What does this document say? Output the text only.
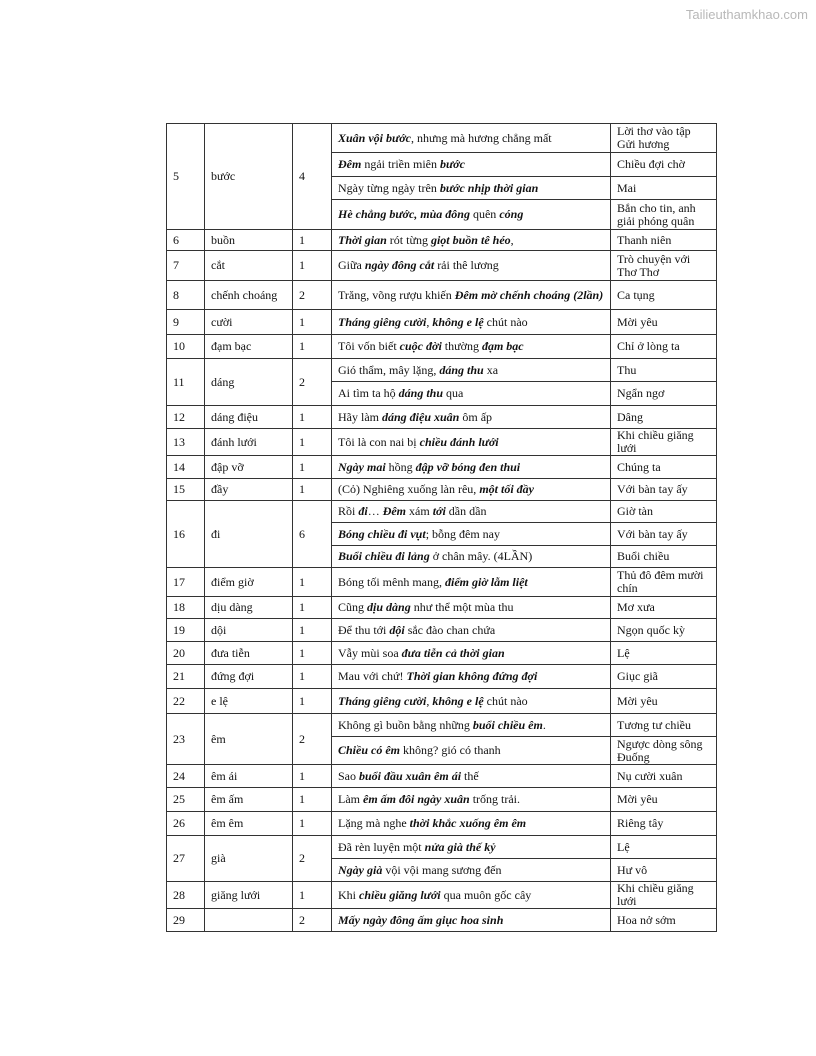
Tailieuthamkhao.com
5	bước	4	Xuân vội bước, nhưng mà hương chẳng mất	Lời thơ vào tập Gửi hương
			Đêm ngải triền miên bước	Chiều đợi chờ
			Ngày từng ngày trên bước nhịp thời gian	Mai
			Hè chẳng bước, mùa đông quên cóng	Bắn cho tin, anh giải phóng quân
6	buồn	1	Thời gian rót từng giọt buồn tê héo,	Thanh niên
7	cắt	1	Giữa ngày đông cắt rải thê lương	Trò chuyện với Thơ Thơ
8	chếnh choáng	2	Trăng, võng rượu khiến Đêm mờ chếnh choáng (2lần)	Ca tụng
9	cười	1	Tháng giêng cười, không e lệ chút nào	Mời yêu
10	đạm bạc	1	Tôi vốn biết cuộc đời thường đạm bạc	Chỉ ở lòng ta
11	dáng	2	Gió thẩm, mây lặng, dáng thu xa	Thu
			Ai tìm ta hộ dáng thu qua	Ngẩn ngơ
12	dáng điệu	1	Hãy làm dáng điệu xuân ôm ấp	Dâng
13	đánh lưới	1	Tôi là con nai bị chiều đánh lưới	Khi chiều giăng lưới
14	đập vỡ	1	Ngày mai hồng đập vỡ bóng đen thui	Chúng ta
15	đầy	1	(Cỏ) Nghiêng xuống làn rêu, một tối đầy	Với bàn tay ấy
16	đi	6	Rồi đi… Đêm xám tới dần dần	Giờ tàn
			Bóng chiều đi vụt; bỗng đêm nay	Với bàn tay ấy
			Buổi chiều đi lảng ở chân mây. (4LẦN)	Buổi chiều
17	điểm giờ	1	Bóng tối mênh mang, điểm giờ lẫm liệt	Thủ đô đêm mười chín
18	dịu dàng	1	Cũng dịu dàng như thể một mùa thu	Mơ xưa
19	dội	1	Để thu tới dội sắc đào chan chứa	Ngọn quốc kỳ
20	đưa tiễn	1	Vẫy mùi soa đưa tiễn cả thời gian	Lệ
21	đứng đợi	1	Mau với chứ! Thời gian không đứng đợi	Giục giã
22	e lệ	1	Tháng giêng cười, không e lệ chút nào	Mời yêu
23	êm	2	Không gì buồn bằng những buổi chiều êm.	Tương tư chiều
			Chiều có êm không? gió có thanh	Ngược dòng sông Đuống
24	êm ái	1	Sao buổi đầu xuân êm ái thế	Nụ cười xuân
25	êm ấm	1	Làm êm ấm đôi ngày xuân trống trải.	Mời yêu
26	êm êm	1	Lặng mà nghe thời khắc xuống êm êm	Riêng tây
27	già	2	Đã rèn luyện một nửa già thế kỷ	Lệ
			Ngày già vội vội mang sương đến	Hư vô
28	giăng lưới	1	Khi chiều giăng lưới qua muôn gốc cây	Khi chiều giăng lưới
29		2	Mấy ngày đông ấm giục hoa sinh	Hoa nở sớm
